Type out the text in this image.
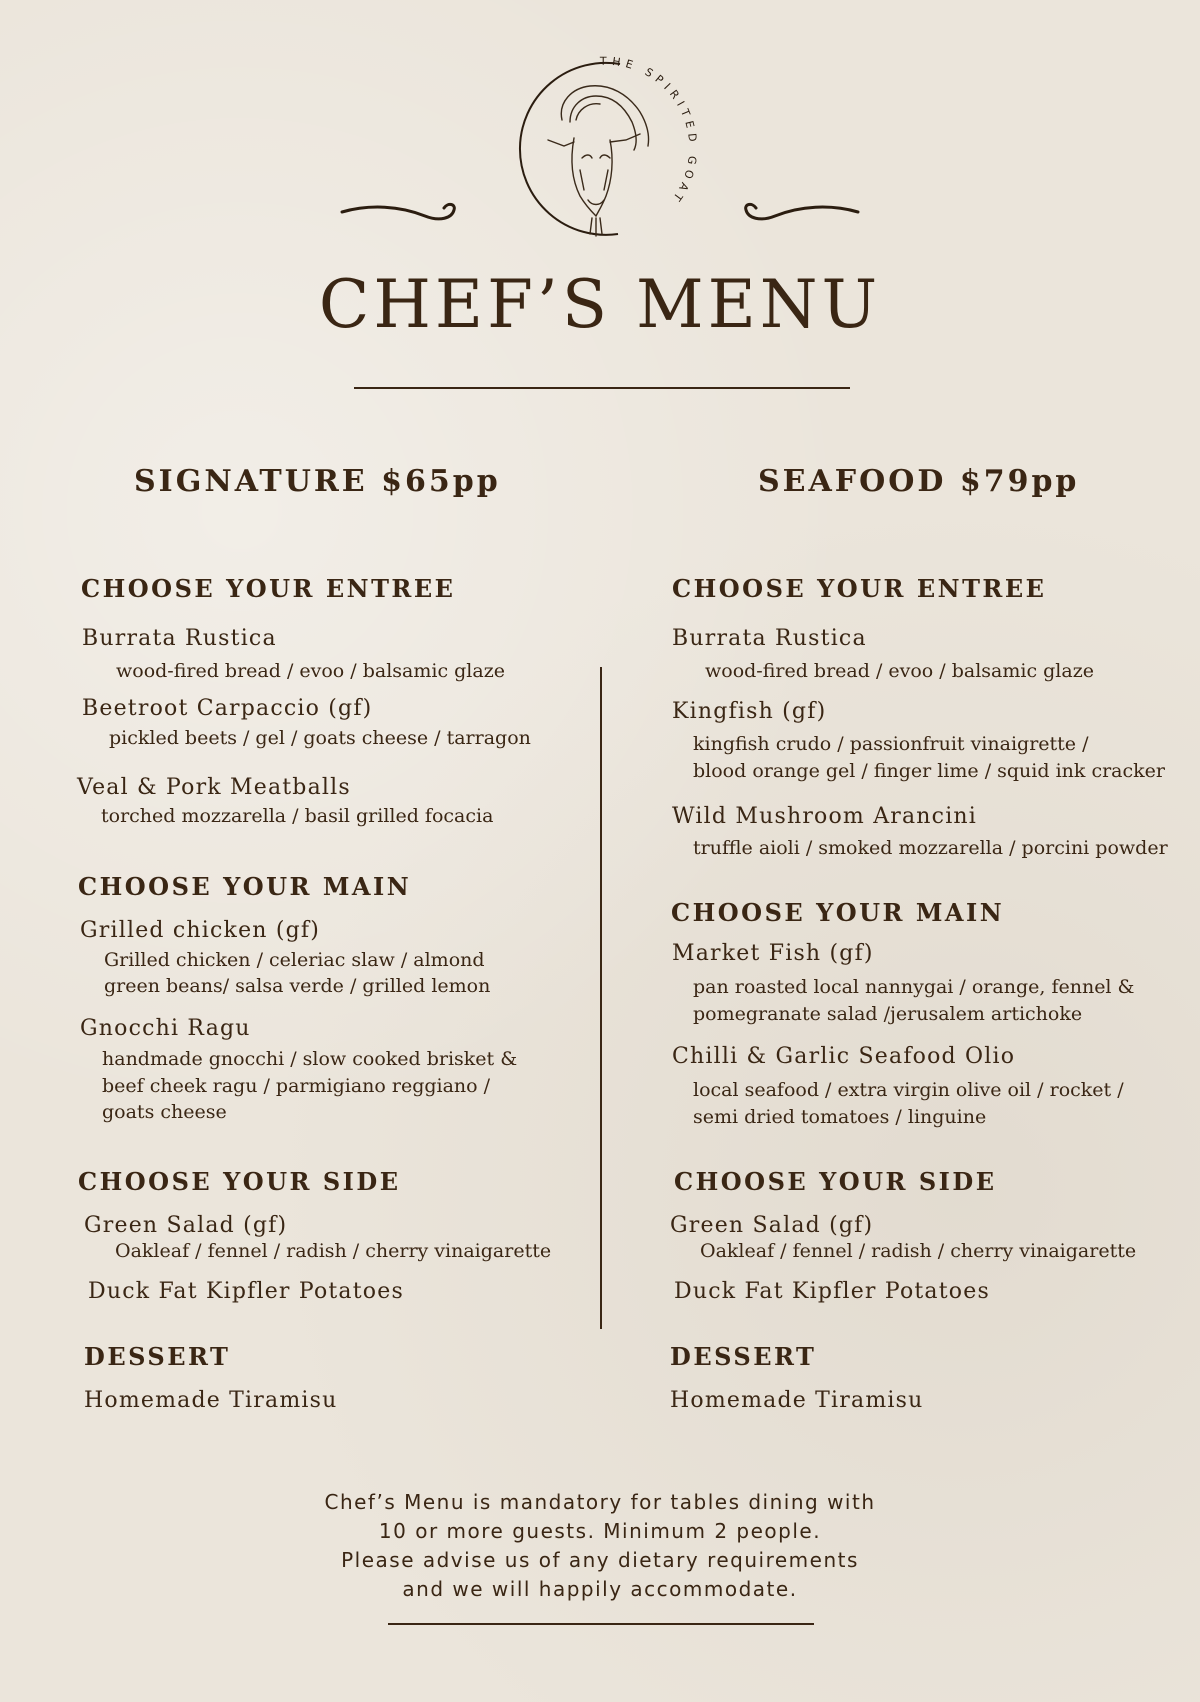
THE SPIRITED GOAT
CHEF’S MENU
SIGNATURE $65pp	SEAFOOD $79pp
CHOOSE YOUR ENTREE
Burrata Rustica
wood-fired bread / evoo / balsamic glaze
Beetroot Carpaccio (gf)
pickled beets / gel / goats cheese / tarragon
Veal & Pork Meatballs
torched mozzarella / basil grilled focacia
CHOOSE YOUR MAIN
Grilled chicken (gf)
Grilled chicken / celeriac slaw / almond
green beans/ salsa verde / grilled lemon
Gnocchi Ragu
handmade gnocchi / slow cooked brisket &
beef cheek ragu / parmigiano reggiano /
goats cheese
CHOOSE YOUR SIDE
Green Salad (gf)
Oakleaf / fennel / radish / cherry vinaigarette
Duck Fat Kipfler Potatoes
DESSERT
Homemade Tiramisu
CHOOSE YOUR ENTREE
Burrata Rustica
wood-fired bread / evoo / balsamic glaze
Kingfish (gf)
kingfish crudo / passionfruit vinaigrette /
blood orange gel / finger lime / squid ink cracker
Wild Mushroom Arancini
truffle aioli / smoked mozzarella / porcini powder
CHOOSE YOUR MAIN
Market Fish (gf)
pan roasted local nannygai / orange, fennel &
pomegranate salad /jerusalem artichoke
Chilli & Garlic Seafood Olio
local seafood / extra virgin olive oil / rocket /
semi dried tomatoes / linguine
CHOOSE YOUR SIDE
Green Salad (gf)
Oakleaf / fennel / radish / cherry vinaigarette
Duck Fat Kipfler Potatoes
DESSERT
Homemade Tiramisu
Chef’s Menu is mandatory for tables dining with
10 or more guests. Minimum 2 people.
Please advise us of any dietary requirements
and we will happily accommodate.
